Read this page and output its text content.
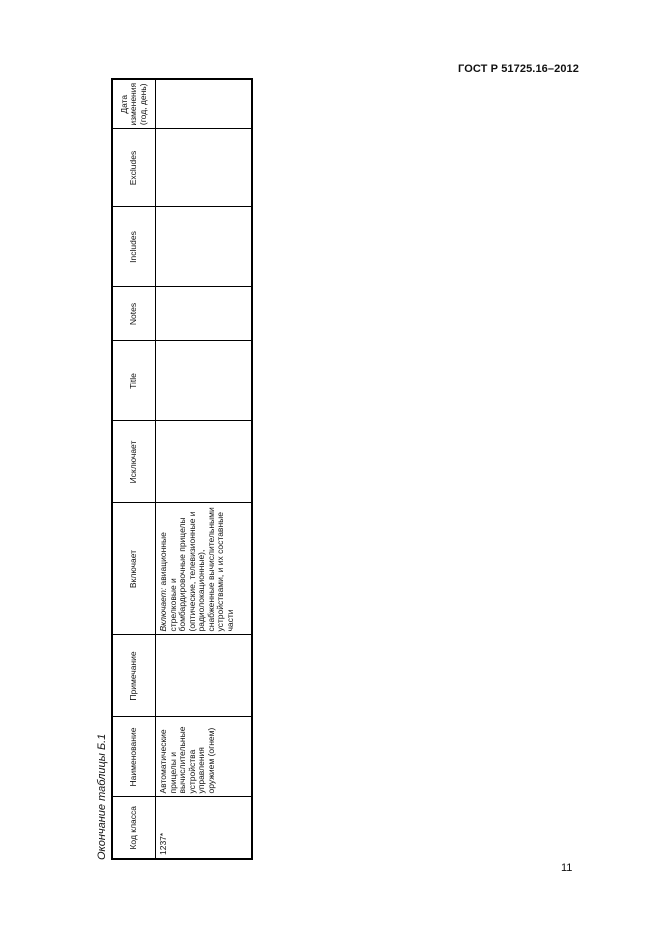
ГОСТ Р 51725.16–2012
Окончание таблицы Б.1 Код класса	Наименование	Примечание	Включает	Исключает	Title	Notes	Includes	Excludes	Дата изменения (год, день)
1237*	Автоматические прицелы и вычислительные устройства управления оружием (огнем)		Включает: авиационные стрелковые и бомбардировочные прицелы (оптические, телевизионные и радиолокационные), снабженные вычислительными устройствами, и их составные части						
11
